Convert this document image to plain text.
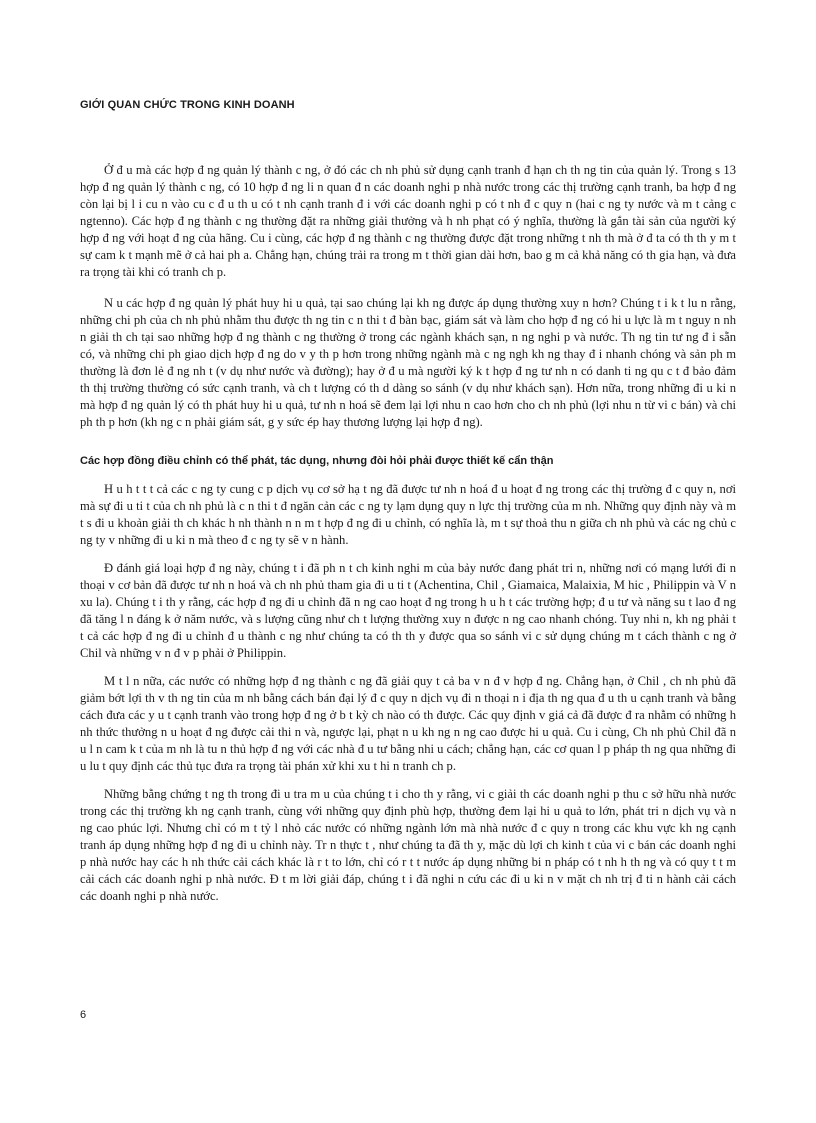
GIỚI QUAN CHỨC TRONG KINH DOANH

Ở đ u mà các hợp đ ng quản lý thành c ng, ở đó các ch nh phủ sử dụng cạnh tranh đ hạn ch th ng tin của quản lý. Trong s 13 hợp đ ng quản lý thành c ng, có 10 hợp đ ng li n quan đ n các doanh nghi p nhà nước trong các thị trường cạnh tranh, ba hợp đ ng còn lại bị l i cu n vào cu c đ u th u có t nh cạnh tranh đ i với các doanh nghi p có t nh đ c quy n (hai c ng ty nước và m t cảng c ngtenno). Các hợp đ ng thành c ng thường đặt ra những giải thưởng và h nh phạt có ý nghĩa, thường là gắn tài sản của người ký hợp đ ng với hoạt đ ng của hãng. Cu i cùng, các hợp đ ng thành c ng thường được đặt trong những t nh th mà ở đ ta có th th y m t sự cam k t mạnh mẽ ở cả hai ph a. Chẳng hạn, chúng trải ra trong m t thời gian dài hơn, bao g m cả khả năng có th gia hạn, và đưa ra trọng tài khi có tranh ch p.

N u các hợp đ ng quản lý phát huy hi u quả, tại sao chúng lại kh ng được áp dụng thường xuy n hơn? Chúng t i k t lu n rằng, những chi ph của ch nh phủ nhằm thu được th ng tin c n thi t đ bàn bạc, giám sát và làm cho hợp đ ng có hi u lực là m t nguy n nh n giải th ch tại sao những hợp đ ng thành c ng thường ở trong các ngành khách sạn, n ng nghi p và nước. Th ng tin tư ng đ i sẵn có, và những chi ph giao dịch hợp đ ng do v y th p hơn trong những ngành mà c ng ngh kh ng thay đ i nhanh chóng và sản ph m thường là đơn lẻ đ ng nh t (v dụ như nước và đường); hay ở đ u mà người ký k t hợp đ ng tư nh n có danh ti ng qu c t đ bảo đảm th thị trường thường có sức cạnh tranh, và ch t lượng có th d dàng so sánh (v dụ như khách sạn). Hơn nữa, trong những đi u ki n mà hợp đ ng quản lý có th phát huy hi u quả, tư nh n hoá sẽ đem lại lợi nhu n cao hơn cho ch nh phủ (lợi nhu n từ vi c bán) và chi ph th p hơn (kh ng c n phải giám sát, g y sức ép hay thương lượng lại hợp đ ng).

Các hợp đồng điều chỉnh có thể phát, tác dụng, nhưng đòi hỏi phải được thiết kế cẩn thận

H u h t t t cả các c ng ty cung c p dịch vụ cơ sở hạ t ng đã được tư nh n hoá đ u hoạt đ ng trong các thị trường đ c quy n, nơi mà sự đi u ti t của ch nh phủ là c n thi t đ ngăn cản các c ng ty lạm dụng quy n lực thị trường của m nh. Những quy định này và m t s đi u khoản giải th ch khác h nh thành n n m t hợp đ ng đi u chỉnh, có nghĩa là, m t sự thoả thu n giữa ch nh phủ và các ng chủ c ng ty v những đi u ki n mà theo đ c ng ty sẽ v n hành.

Đ đánh giá loại hợp đ ng này, chúng t i đã ph n t ch kinh nghi m của bảy nước đang phát tri n, những nơi có mạng lưới đi n thoại v cơ bản đã được tư nh n hoá và ch nh phủ tham gia đi u ti t (Achentina, Chil , Giamaica, Malaixia, M hic , Philippin và V n xu la). Chúng t i th y rằng, các hợp đ ng đi u chỉnh đã n ng cao hoạt đ ng trong h u h t các trường hợp; đ u tư và năng su t lao đ ng đã tăng l n đáng k ở năm nước, và s lượng cũng như ch t lượng thường xuy n được n ng cao nhanh chóng. Tuy nhi n, kh ng phải t t cả các hợp đ ng đi u chỉnh đ u thành c ng như chúng ta có th th y được qua so sánh vi c sử dụng chúng m t cách thành c ng ở Chil và những v n đ v p phải ở Philippin.

M t l n nữa, các nước có những hợp đ ng thành c ng đã giải quy t cả ba v n đ v hợp đ ng. Chẳng hạn, ở Chil , ch nh phủ đã giảm bớt lợi th v th ng tin của m nh bằng cách bán đại lý đ c quy n dịch vụ đi n thoại n i địa th ng qua đ u th u cạnh tranh và bằng cách đưa các y u t cạnh tranh vào trong hợp đ ng ở b t kỳ ch nào có th được. Các quy định v giá cả đã được đ ra nhằm có những h nh thức thưởng n u hoạt đ ng được cải thi n và, ngược lại, phạt n u kh ng n ng cao được hi u quả. Cu i cùng, Ch nh phủ Chil đã n u l n cam k t của m nh là tu n thủ hợp đ ng với các nhà đ u tư bằng nhi u cách; chẳng hạn, các cơ quan l p pháp th ng qua những đi u lu t quy định các thủ tục đưa ra trọng tài phán xử khi xu t hi n tranh ch p.

Những bằng chứng t ng th trong đi u tra m u của chúng t i cho th y rằng, vi c giải th các doanh nghi p thu c sở hữu nhà nước trong các thị trường kh ng cạnh tranh, cùng với những quy định phù hợp, thường đem lại hi u quả to lớn, phát tri n dịch vụ và n ng cao phúc lợi. Nhưng chỉ có m t tỷ l nhỏ các nước có những ngành lớn mà nhà nước đ c quy n trong các khu vực kh ng cạnh tranh áp dụng những hợp đ ng đi u chỉnh này. Tr n thực t , như chúng ta đã th y, mặc dù lợi ch kinh t của vi c bán các doanh nghi p nhà nước hay các h nh thức cải cách khác là r t to lớn, chỉ có r t t nước áp dụng những bi n pháp có t nh h th ng và có quy t t m cải cách các doanh nghi p nhà nước. Đ t m lời giải đáp, chúng t i đã nghi n cứu các đi u ki n v mặt ch nh trị đ ti n hành cải cách các doanh nghi p nhà nước.

6
